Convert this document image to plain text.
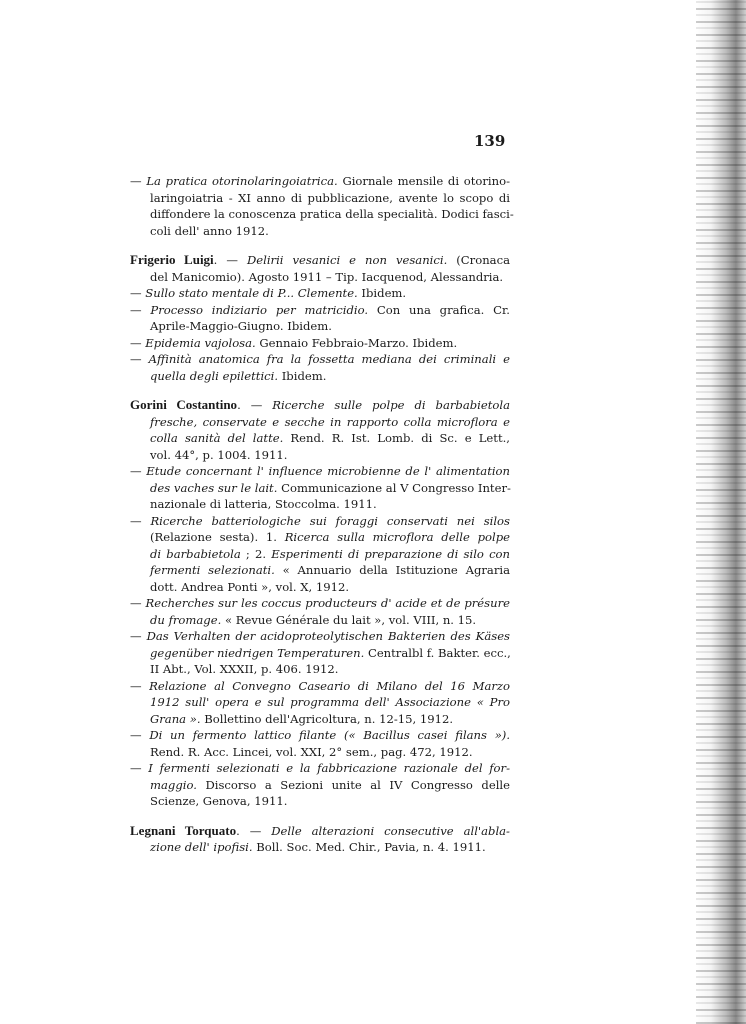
139
— La pratica otorinolaringoiatrica. Giornale mensile di otorino-
laringoiatria - XI anno di pubblicazione, avente lo scopo di
diffondere la conoscenza pratica della specialità. Dodici fasci-
coli dell' anno 1912.
Frigerio Luigi. — Delirii vesanici e non vesanici. (Cronaca
del Manicomio). Agosto 1911 – Tip. Iacquenod, Alessandria.
— Sullo stato mentale di P... Clemente. Ibidem.
— Processo indiziario per matricidio. Con una grafica. Cr.
Aprile-Maggio-Giugno. Ibidem.
— Epidemia vajolosa. Gennaio Febbraio-Marzo. Ibidem.
— Affinità anatomica fra la fossetta mediana dei criminali e
quella degli epilettici. Ibidem.
Gorini Costantino. — Ricerche sulle polpe di barbabietola
fresche, conservate e secche in rapporto colla microflora e
colla sanità del latte. Rend. R. Ist. Lomb. di Sc. e Lett.,
vol. 44°, p. 1004. 1911.
— Etude concernant l' influence microbienne de l' alimentation
des vaches sur le lait. Communicazione al V Congresso Inter-
nazionale di latteria, Stoccolma. 1911.
— Ricerche batteriologiche sui foraggi conservati nei silos
(Relazione sesta). 1. Ricerca sulla microflora delle polpe
di barbabietola ; 2. Esperimenti di preparazione di silo con
fermenti selezionati. « Annuario della Istituzione Agraria
dott. Andrea Ponti », vol. X, 1912.
— Recherches sur les coccus producteurs d' acide et de présure
du fromage. « Revue Générale du lait », vol. VIII, n. 15.
— Das Verhalten der acidoproteolytischen Bakterien des Käses
gegenüber niedrigen Temperaturen. Centralbl f. Bakter. ecc.,
II Abt., Vol. XXXII, p. 406. 1912.
— Relazione al Convegno Caseario di Milano del 16 Marzo
1912 sull' opera e sul programma dell' Associazione « Pro
Grana ». Bollettino dell'Agricoltura, n. 12-15, 1912.
— Di un fermento lattico filante (« Bacillus casei filans »).
Rend. R. Acc. Lincei, vol. XXI, 2° sem., pag. 472, 1912.
— I fermenti selezionati e la fabbricazione razionale del for-
maggio. Discorso a Sezioni unite al IV Congresso delle
Scienze, Genova, 1911.
Legnani Torquato. — Delle alterazioni consecutive all'abla-
zione dell' ipofisi. Boll. Soc. Med. Chir., Pavia, n. 4. 1911.
